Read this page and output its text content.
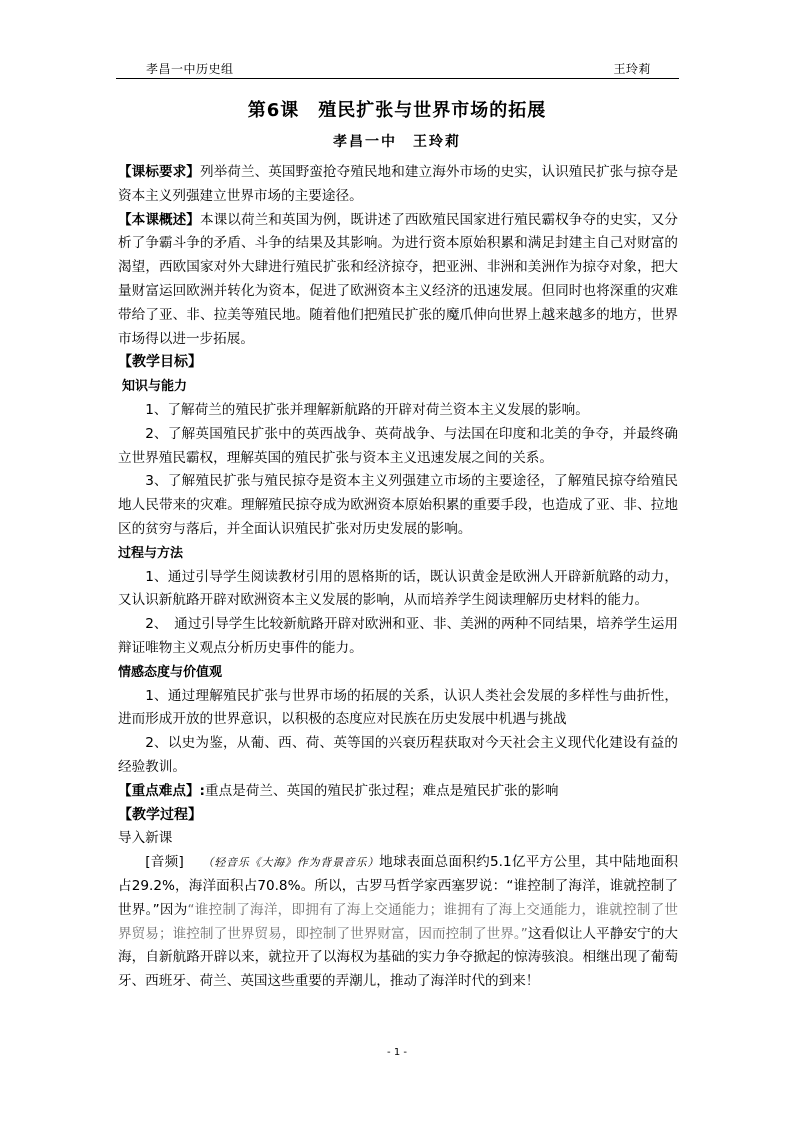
孝昌一中历史组	王玲莉
第6课　殖民扩张与世界市场的拓展
孝昌一中　王玲莉

【课标要求】列举荷兰、英国野蛮抢夺殖民地和建立海外市场的史实，认识殖民扩张与掠夺是资本主义列强建立世界市场的主要途径。

【本课概述】本课以荷兰和英国为例，既讲述了西欧殖民国家进行殖民霸权争夺的史实，又分析了争霸斗争的矛盾、斗争的结果及其影响。为进行资本原始积累和满足封建主自己对财富的渴望，西欧国家对外大肆进行殖民扩张和经济掠夺，把亚洲、非洲和美洲作为掠夺对象，把大量财富运回欧洲并转化为资本，促进了欧洲资本主义经济的迅速发展。但同时也将深重的灾难带给了亚、非、拉美等殖民地。随着他们把殖民扩张的魔爪伸向世界上越来越多的地方，世界市场得以进一步拓展。

【教学目标】

知识与能力

1、了解荷兰的殖民扩张并理解新航路的开辟对荷兰资本主义发展的影响。

2、了解英国殖民扩张中的英西战争、英荷战争、与法国在印度和北美的争夺，并最终确立世界殖民霸权，理解英国的殖民扩张与资本主义迅速发展之间的关系。

3、了解殖民扩张与殖民掠夺是资本主义列强建立市场的主要途径，了解殖民掠夺给殖民地人民带来的灾难。理解殖民掠夺成为欧洲资本原始积累的重要手段，也造成了亚、非、拉地区的贫穷与落后，并全面认识殖民扩张对历史发展的影响。

过程与方法

1、通过引导学生阅读教材引用的恩格斯的话，既认识黄金是欧洲人开辟新航路的动力，又认识新航路开辟对欧洲资本主义发展的影响，从而培养学生阅读理解历史材料的能力。

2、　通过引导学生比较新航路开辟对欧洲和亚、非、美洲的两种不同结果，培养学生运用辩证唯物主义观点分析历史事件的能力。

情感态度与价值观

1、通过理解殖民扩张与世界市场的拓展的关系，认识人类社会发展的多样性与曲折性，进而形成开放的世界意识，以积极的态度应对民族在历史发展中机遇与挑战

2、以史为鉴，从葡、西、荷、英等国的兴衰历程获取对今天社会主义现代化建设有益的经验教训。

【重点难点】:重点是荷兰、英国的殖民扩张过程；难点是殖民扩张的影响

【教学过程】

导入新课

[音频]　 （轻音乐《大海》作为背景音乐）地球表面总面积约5.1亿平方公里，其中陆地面积占29.2%，海洋面积占70.8%。所以，古罗马哲学家西塞罗说：“谁控制了海洋，谁就控制了世界。”因为“谁控制了海洋，即拥有了海上交通能力；谁拥有了海上交通能力，谁就控制了世界贸易；谁控制了世界贸易，即控制了世界财富，因而控制了世界。”这看似让人平静安宁的大海，自新航路开辟以来，就拉开了以海权为基础的实力争夺掀起的惊涛骇浪。相继出现了葡萄牙、西班牙、荷兰、英国这些重要的弄潮儿，推动了海洋时代的到来！

- 1 -
